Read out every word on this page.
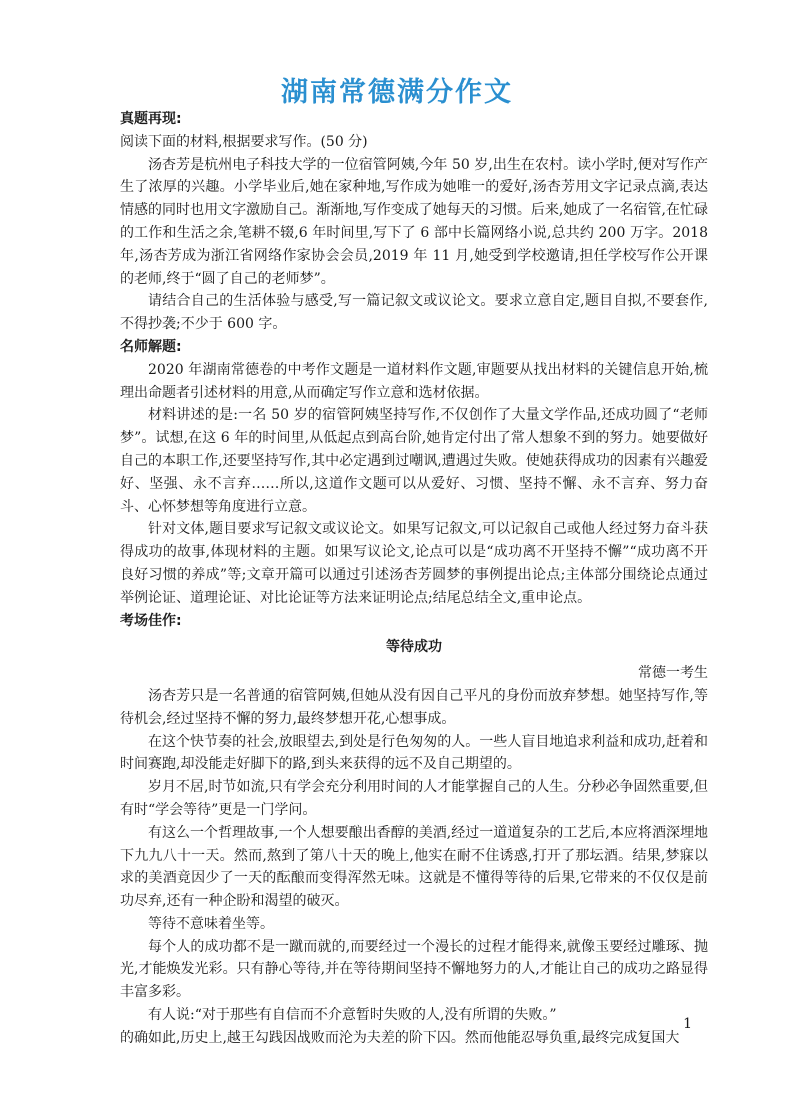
湖南常德满分作文

真题再现:

阅读下面的材料,根据要求写作。(50 分)

汤杏芳是杭州电子科技大学的一位宿管阿姨,今年 50 岁,出生在农村。读小学时,便对写作产生了浓厚的兴趣。小学毕业后,她在家种地,写作成为她唯一的爱好,汤杏芳用文字记录点滴,表达情感的同时也用文字激励自己。渐渐地,写作变成了她每天的习惯。后来,她成了一名宿管,在忙碌的工作和生活之余,笔耕不辍,6 年时间里,写下了 6 部中长篇网络小说,总共约 200 万字。2018 年,汤杏芳成为浙江省网络作家协会会员,2019 年 11 月,她受到学校邀请,担任学校写作公开课的老师,终于“圆了自己的老师梦”。

请结合自己的生活体验与感受,写一篇记叙文或议论文。要求立意自定,题目自拟,不要套作,不得抄袭;不少于 600 字。

名师解题:

2020 年湖南常德卷的中考作文题是一道材料作文题,审题要从找出材料的关键信息开始,梳理出命题者引述材料的用意,从而确定写作立意和选材依据。

材料讲述的是:一名 50 岁的宿管阿姨坚持写作,不仅创作了大量文学作品,还成功圆了“老师梦”。试想,在这 6 年的时间里,从低起点到高台阶,她肯定付出了常人想象不到的努力。她要做好自己的本职工作,还要坚持写作,其中必定遇到过嘲讽,遭遇过失败。使她获得成功的因素有兴趣爱好、坚强、永不言弃……所以,这道作文题可以从爱好、习惯、坚持不懈、永不言弃、努力奋斗、心怀梦想等角度进行立意。

针对文体,题目要求写记叙文或议论文。如果写记叙文,可以记叙自己或他人经过努力奋斗获得成功的故事,体现材料的主题。如果写议论文,论点可以是“成功离不开坚持不懈”“成功离不开良好习惯的养成”等;文章开篇可以通过引述汤杏芳圆梦的事例提出论点;主体部分围绕论点通过举例论证、道理论证、对比论证等方法来证明论点;结尾总结全文,重申论点。

考场佳作:

等待成功

常德一考生

汤杏芳只是一名普通的宿管阿姨,但她从没有因自己平凡的身份而放弃梦想。她坚持写作,等待机会,经过坚持不懈的努力,最终梦想开花,心想事成。

在这个快节奏的社会,放眼望去,到处是行色匆匆的人。一些人盲目地追求利益和成功,赶着和时间赛跑,却没能走好脚下的路,到头来获得的远不及自己期望的。

岁月不居,时节如流,只有学会充分利用时间的人才能掌握自己的人生。分秒必争固然重要,但有时“学会等待”更是一门学问。

有这么一个哲理故事,一个人想要酿出香醇的美酒,经过一道道复杂的工艺后,本应将酒深埋地下九九八十一天。然而,熬到了第八十天的晚上,他实在耐不住诱惑,打开了那坛酒。结果,梦寐以求的美酒竟因少了一天的酝酿而变得浑然无味。这就是不懂得等待的后果,它带来的不仅仅是前功尽弃,还有一种企盼和渴望的破灭。

等待不意味着坐等。

每个人的成功都不是一蹴而就的,而要经过一个漫长的过程才能得来,就像玉要经过雕琢、抛光,才能焕发光彩。只有静心等待,并在等待期间坚持不懈地努力的人,才能让自己的成功之路显得丰富多彩。

有人说:“对于那些有自信而不介意暂时失败的人,没有所谓的失败。”

的确如此,历史上,越王勾践因战败而沦为夫差的阶下囚。然而他能忍辱负重,最终完成复国大

1
